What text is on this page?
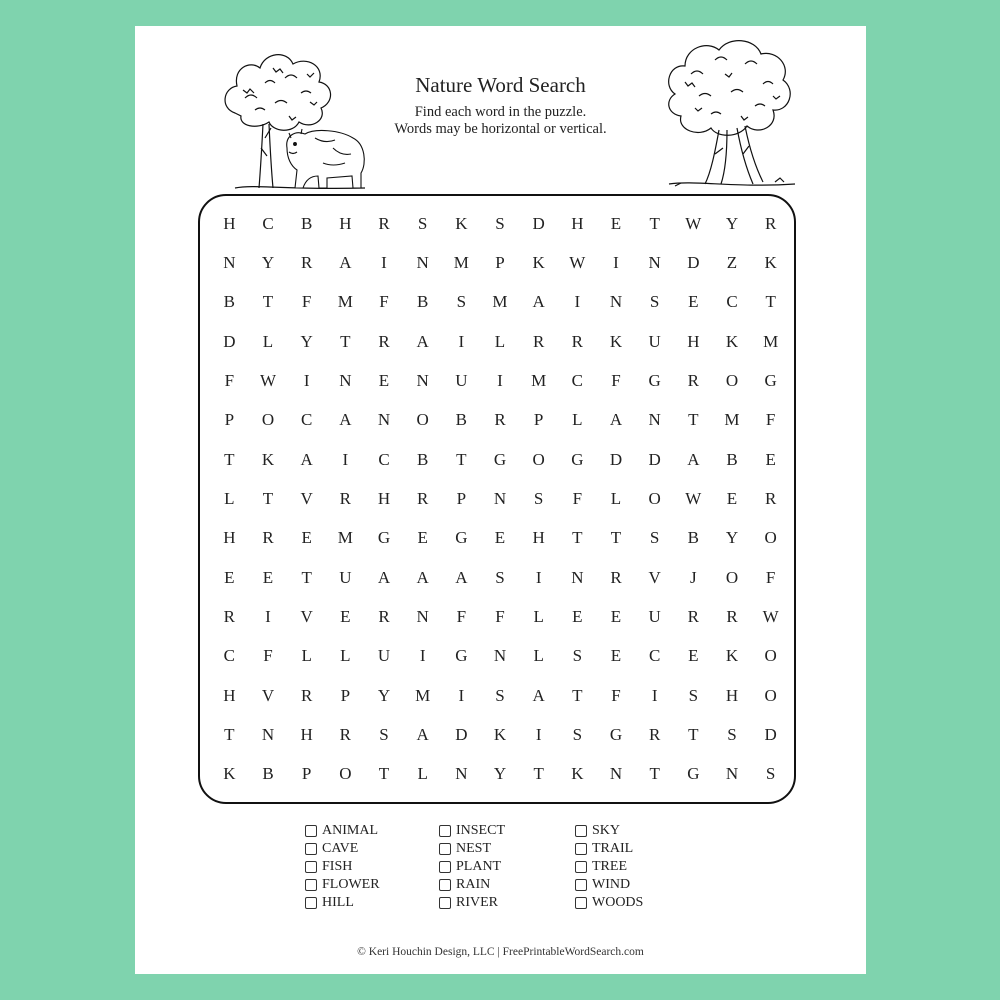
Nature Word Search
Find each word in the puzzle.
Words may be horizontal or vertical.
H	C	B	H	R	S	K	S	D	H	E	T	W	Y	R
N	Y	R	A	I	N	M	P	K	W	I	N	D	Z	K
B	T	F	M	F	B	S	M	A	I	N	S	E	C	T
D	L	Y	T	R	A	I	L	R	R	K	U	H	K	M
F	W	I	N	E	N	U	I	M	C	F	G	R	O	G
P	O	C	A	N	O	B	R	P	L	A	N	T	M	F
T	K	A	I	C	B	T	G	O	G	D	D	A	B	E
L	T	V	R	H	R	P	N	S	F	L	O	W	E	R
H	R	E	M	G	E	G	E	H	T	T	S	B	Y	O
E	E	T	U	A	A	A	S	I	N	R	V	J	O	F
R	I	V	E	R	N	F	F	L	E	E	U	R	R	W
C	F	L	L	U	I	G	N	L	S	E	C	E	K	O
H	V	R	P	Y	M	I	S	A	T	F	I	S	H	O
T	N	H	R	S	A	D	K	I	S	G	R	T	S	D
K	B	P	O	T	L	N	Y	T	K	N	T	G	N	S
ANIMAL
CAVE
FISH
FLOWER
HILL
INSECT
NEST
PLANT
RAIN
RIVER
SKY
TRAIL
TREE
WIND
WOODS
© Keri Houchin Design, LLC | FreePrintableWordSearch.com
